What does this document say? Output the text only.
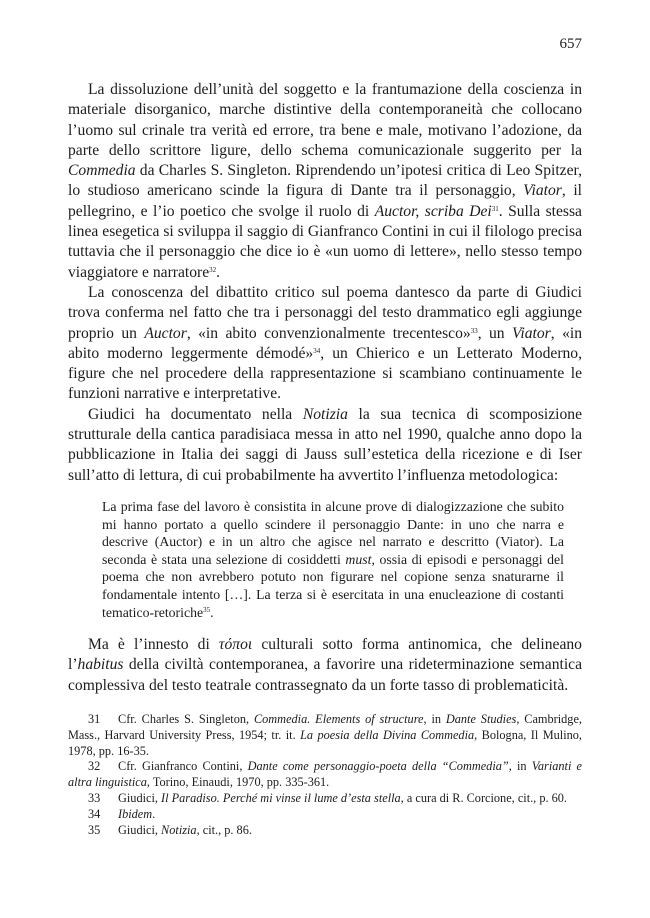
657

La dissoluzione dell’unità del soggetto e la frantumazione della coscienza in materiale disorganico, marche distintive della contemporaneità che collocano l’uomo sul crinale tra verità ed errore, tra bene e male, motivano l’adozione, da parte dello scrittore ligure, dello schema comunicazionale suggerito per la Commedia da Charles S. Singleton. Riprendendo un’ipotesi critica di Leo Spitzer, lo studioso americano scinde la figura di Dante tra il personaggio, Viator, il pellegrino, e l’io poetico che svolge il ruolo di Auctor, scriba Dei$^{31}$. Sulla stessa linea esegetica si sviluppa il saggio di Gianfranco Contini in cui il filologo precisa tuttavia che il personaggio che dice io è «un uomo di lettere», nello stesso tempo viaggiatore e narratore$^{32}$.

La conoscenza del dibattito critico sul poema dantesco da parte di Giudici trova conferma nel fatto che tra i personaggi del testo drammatico egli aggiunge proprio un Auctor, «in abito convenzionalmente trecentesco»$^{33}$, un Viator, «in abito moderno leggermente démodé»$^{34}$, un Chierico e un Letterato Moderno, figure che nel procedere della rappresentazione si scambiano continuamente le funzioni narrative e interpretative.

Giudici ha documentato nella Notizia la sua tecnica di scomposizione strutturale della cantica paradisiaca messa in atto nel 1990, qualche anno dopo la pubblicazione in Italia dei saggi di Jauss sull’estetica della ricezione e di Iser sull’atto di lettura, di cui probabilmente ha avvertito l’influenza metodologica:

La prima fase del lavoro è consistita in alcune prove di dialogizzazione che subito mi hanno portato a quello scindere il personaggio Dante: in uno che narra e descrive (Auctor) e in un altro che agisce nel narrato e descritto (Viator). La seconda è stata una selezione di cosiddetti must, ossia di episodi e personaggi del poema che non avrebbero potuto non figurare nel copione senza snaturarne il fondamentale intento […]. La terza si è esercitata in una enucleazione di costanti tematico-retoriche$^{35}$.

Ma è l’innesto di τόποι culturali sotto forma antinomica, che delineano l’habitus della civiltà contemporanea, a favorire una rideterminazione semantica complessiva del testo teatrale contrassegnato da un forte tasso di problematicità.

31 Cfr. Charles S. Singleton, Commedia. Elements of structure, in Dante Studies, Cambridge, Mass., Harvard University Press, 1954; tr. it. La poesia della Divina Commedia, Bologna, Il Mulino, 1978, pp. 16-35.

32 Cfr. Gianfranco Contini, Dante come personaggio-poeta della “Commedia”, in Varianti e altra linguistica, Torino, Einaudi, 1970, pp. 335-361.

33 Giudici, Il Paradiso. Perché mi vinse il lume d’esta stella, a cura di R. Corcione, cit., p. 60.

34 Ibidem.

35 Giudici, Notizia, cit., p. 86.
